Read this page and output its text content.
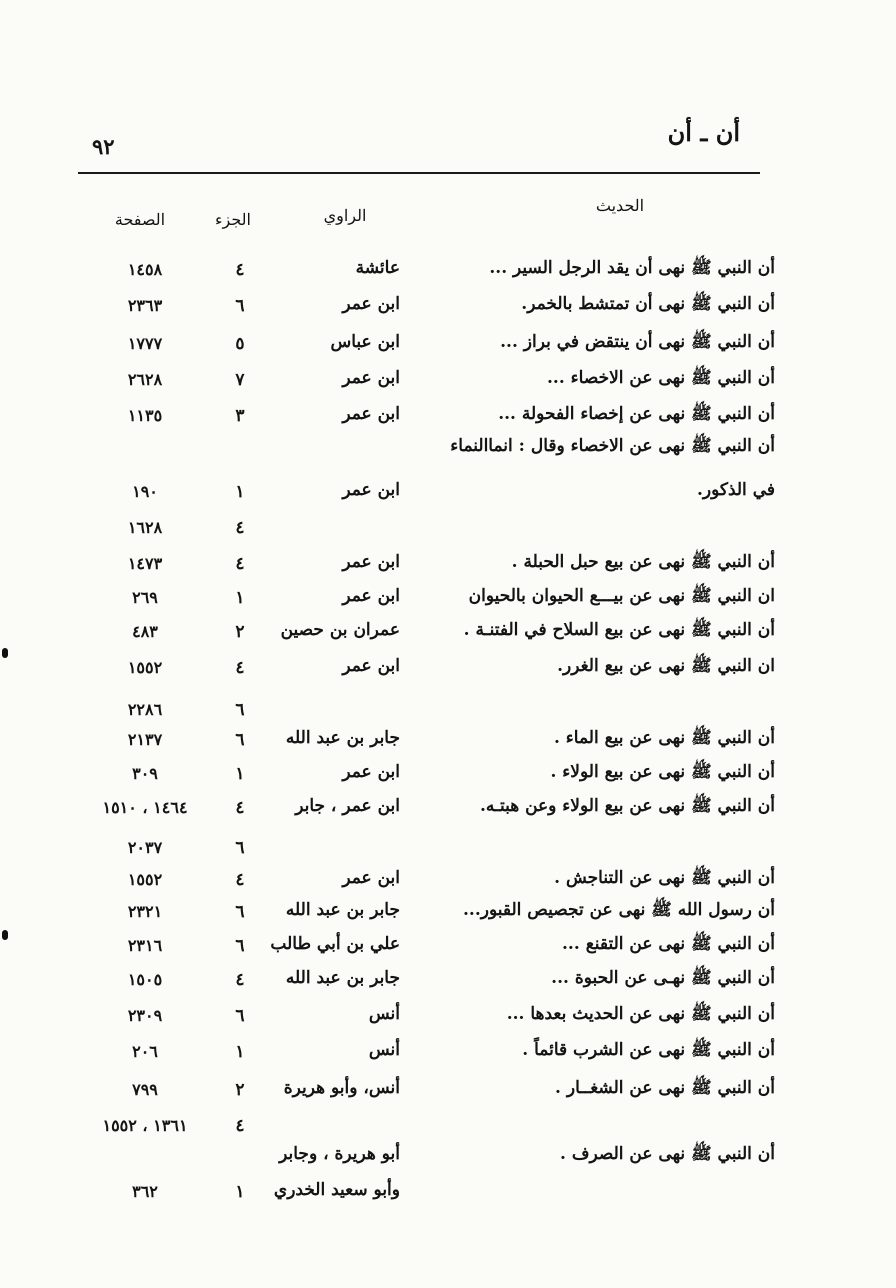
أن ـ أن
٩٢
الحديث
الراوي
الجزء
الصفحة
أن النبي ﷺ نهى أن يقد الرجل السير ...
عائشة
٤
١٤٥٨
أن النبي ﷺ نهى أن تمتشط بالخمر.
ابن عمر
٦
٢٣٦٣
أن النبي ﷺ نهى أن ينتقض في براز ...
ابن عباس
٥
١٧٧٧
أن النبي ﷺ نهى عن الاخصاء ...
ابن عمر
٧
٢٦٢٨
أن النبي ﷺ نهى عن إخصاء الفحولة ...
ابن عمر
٣
١١٣٥
أن النبي ﷺ نهى عن الاخصاء وقال : انماالنماء
في الذكور.
ابن عمر
١
١٩٠
٤
١٦٢٨
أن النبي ﷺ نهى عن بيع حبل الحبلة .
ابن عمر
٤
١٤٧٣
ان النبي ﷺ نهى عن بيـــع الحيوان بالحيوان
ابن عمر
١
٢٦٩
أن النبي ﷺ نهى عن بيع السلاح في الفتنـة .
عمران بن حصين
٢
٤٨٣
ان النبي ﷺ نهى عن بيع الغرر.
ابن عمر
٤
١٥٥٢
٦
٢٢٨٦
أن النبي ﷺ نهى عن بيع الماء .
جابر بن عبد الله
٦
٢١٣٧
أن النبي ﷺ نهى عن بيع الولاء .
ابن عمر
١
٣٠٩
أن النبي ﷺ نهى عن بيع الولاء وعن هبتـه.
ابن عمر ، جابر
٤
١٤٦٤ ، ١٥١٠
٦
٢٠٣٧
أن النبي ﷺ نهى عن التناجش .
ابن عمر
٤
١٥٥٢
أن رسول الله ﷺ نهى عن تجصيص القبور...
جابر بن عبد الله
٦
٢٣٢١
أن النبي ﷺ نهى عن التقنع ...
علي بن أبي طالب
٦
٢٣١٦
أن النبي ﷺ نهـى عن الحبوة ...
جابر بن عبد الله
٤
١٥٠٥
أن النبي ﷺ نهى عن الحديث بعدها ...
أنس
٦
٢٣٠٩
أن النبي ﷺ نهى عن الشرب قائماً .
أنس
١
٢٠٦
أن النبي ﷺ نهى عن الشغــار .
أنس، وأبو هريرة
٢
٧٩٩
٤
١٣٦١ ، ١٥٥٢
أن النبي ﷺ نهى عن الصرف .
أبو هريرة ، وجابر
وأبو سعيد الخدري
١
٣٦٢
